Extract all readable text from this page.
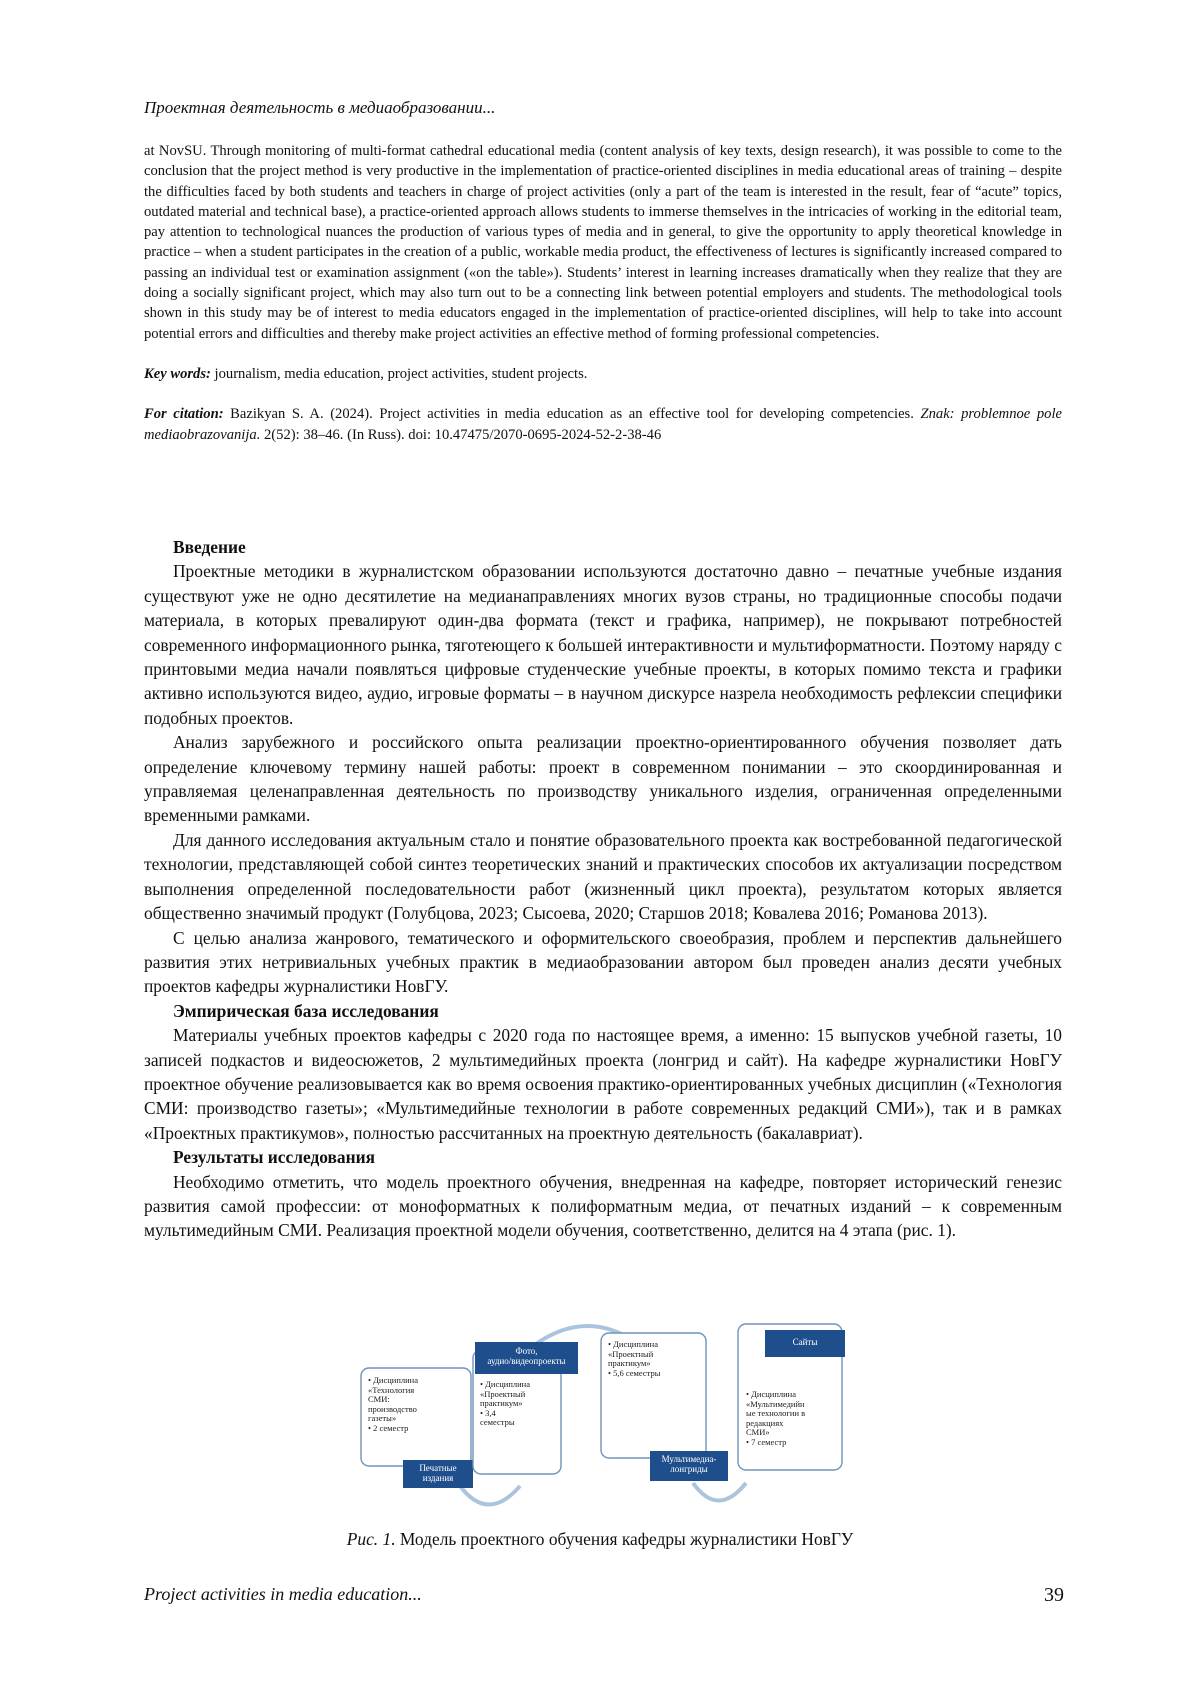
Проектная деятельность в медиаобразовании...

at NovSU. Through monitoring of multi-format cathedral educational media (content analysis of key texts, design research), it was possible to come to the conclusion that the project method is very productive in the implementation of practice-oriented disciplines in media educational areas of training – despite the difficulties faced by both students and teachers in charge of project activities (only a part of the team is interested in the result, fear of “acute” topics, outdated material and technical base), a practice-oriented approach allows students to immerse themselves in the intricacies of working in the editorial team, pay attention to technological nuances the production of various types of media and in general, to give the opportunity to apply theoretical knowledge in practice – when a student participates in the creation of a public, workable media product, the effectiveness of lectures is significantly increased compared to passing an individual test or examination assignment («on the table»). Students’ interest in learning increases dramatically when they realize that they are doing a socially significant project, which may also turn out to be a connecting link between potential employers and students. The methodological tools shown in this study may be of interest to media educators engaged in the implementation of practice-oriented disciplines, will help to take into account potential errors and difficulties and thereby make project activities an effective method of forming professional competencies.

Key words: journalism, media education, project activities, student projects.

For citation: Bazikyan S. A. (2024). Project activities in media education as an effective tool for developing competencies. Znak: problemnoe pole mediaobrazovanija. 2(52): 38–46. (In Russ). doi: 10.47475/2070-0695-2024-52-2-38-46

Введение

Проектные методики в журналистском образовании используются достаточно давно – печатные учебные издания существуют уже не одно десятилетие на медианаправлениях многих вузов страны, но традиционные способы подачи материала, в которых превалируют один-два формата (текст и графика, например), не покрывают потребностей современного информационного рынка, тяготеющего к большей интерактивности и мультиформатности. Поэтому наряду с принтовыми медиа начали появляться цифровые студенческие учебные проекты, в которых помимо текста и графики активно используются видео, аудио, игровые форматы – в научном дискурсе назрела необходимость рефлексии специфики подобных проектов.

Анализ зарубежного и российского опыта реализации проектно-ориентированного обучения позволяет дать определение ключевому термину нашей работы: проект в современном понимании – это скоординированная и управляемая целенаправленная деятельность по производству уникального изделия, ограниченная определенными временными рамками.

Для данного исследования актуальным стало и понятие образовательного проекта как востребованной педагогической технологии, представляющей собой синтез теоретических знаний и практических способов их актуализации посредством выполнения определенной последовательности работ (жизненный цикл проекта), результатом которых является общественно значимый продукт (Голубцова, 2023; Сысоева, 2020; Старшов 2018; Ковалева 2016; Романова 2013).

С целью анализа жанрового, тематического и оформительского своеобразия, проблем и перспектив дальнейшего развития этих нетривиальных учебных практик в медиаобразовании автором был проведен анализ десяти учебных проектов кафедры журналистики НовГУ.

Эмпирическая база исследования

Материалы учебных проектов кафедры с 2020 года по настоящее время, а именно: 15 выпусков учебной газеты, 10 записей подкастов и видеосюжетов, 2 мультимедийных проекта (лонгрид и сайт). На кафедре журналистики НовГУ проектное обучение реализовывается как во время освоения практико-ориентированных учебных дисциплин («Технология СМИ: производство газеты»; «Мультимедийные технологии в работе современных редакций СМИ»), так и в рамках «Проектных практикумов», полностью рассчитанных на проектную деятельность (бакалавриат).

Результаты исследования

Необходимо отметить, что модель проектного обучения, внедренная на кафедре, повторяет исторический генезис развития самой профессии: от моноформатных к полиформатным медиа, от печатных изданий – к современным мультимедийным СМИ. Реализация проектной модели обучения, соответственно, делится на 4 этапа (рис. 1).

• Дисциплина
«Технология
СМИ:
производство
газеты»
• 2 семестр
Печатные
издания
Фото,
аудио/видеопроекты
• Дисциплина
«Проектный
практикум»
• 3,4
семестры
• Дисциплина
«Проектный
практикум»
• 5,6 семестры
Мультимедиа-
лонгриды
Сайты
• Дисциплина
«Мультимедийн
ые технологии в
редакциях
СМИ»
• 7 семестр
Рис. 1. Модель проектного обучения кафедры журналистики НовГУ
Project activities in media education...	39
